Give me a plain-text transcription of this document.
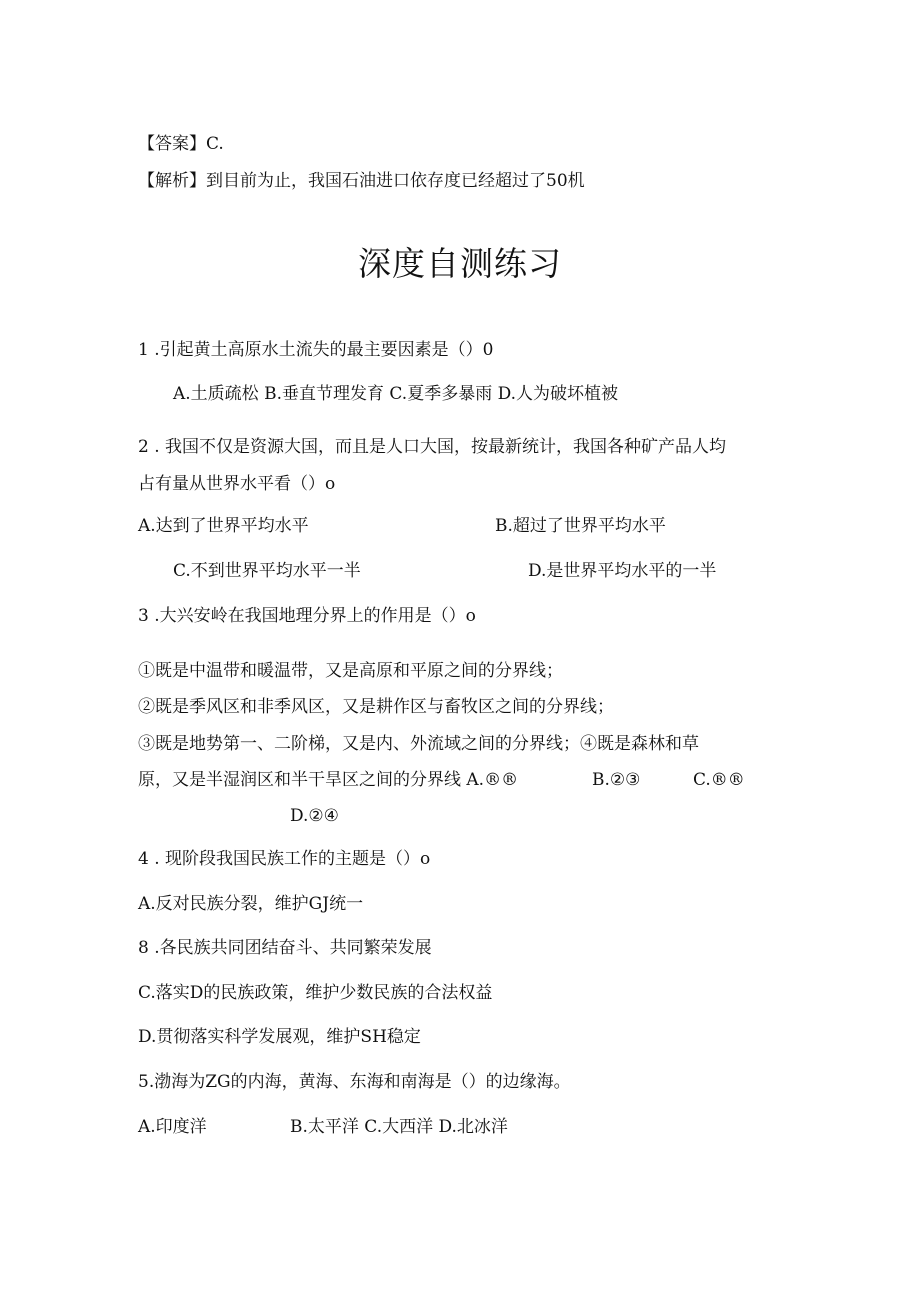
【答案】C.
【解析】到目前为止，我国石油进口依存度已经超过了50机
深度自测练习
1 .引起黄土高原水土流失的最主要因素是（）0
A.土质疏松 B.垂直节理发育 C.夏季多暴雨 D.人为破坏植被
2 . 我国不仅是资源大国，而且是人口大国，按最新统计，我国各种矿产品人均
占有量从世界水平看（）o
A.达到了世界平均水平	B.超过了世界平均水平
C.不到世界平均水平一半	D.是世界平均水平的一半
3 .大兴安岭在我国地理分界上的作用是（）o
①既是中温带和暖温带，又是高原和平原之间的分界线；
②既是季风区和非季风区，又是耕作区与畜牧区之间的分界线；
③既是地势第一、二阶梯，又是内、外流域之间的分界线；④既是森林和草
原，又是半湿润区和半干旱区之间的分界线 A.®®	B.②③	C.®®
D.②④
4 . 现阶段我国民族工作的主题是（）o
A.反对民族分裂，维护GJ统一
8 .各民族共同团结奋斗、共同繁荣发展
C.落实D的民族政策，维护少数民族的合法权益
D.贯彻落实科学发展观，维护SH稳定
5.渤海为ZG的内海，黄海、东海和南海是（）的边缘海。
A.印度洋	B.太平洋 C.大西洋 D.北冰洋
